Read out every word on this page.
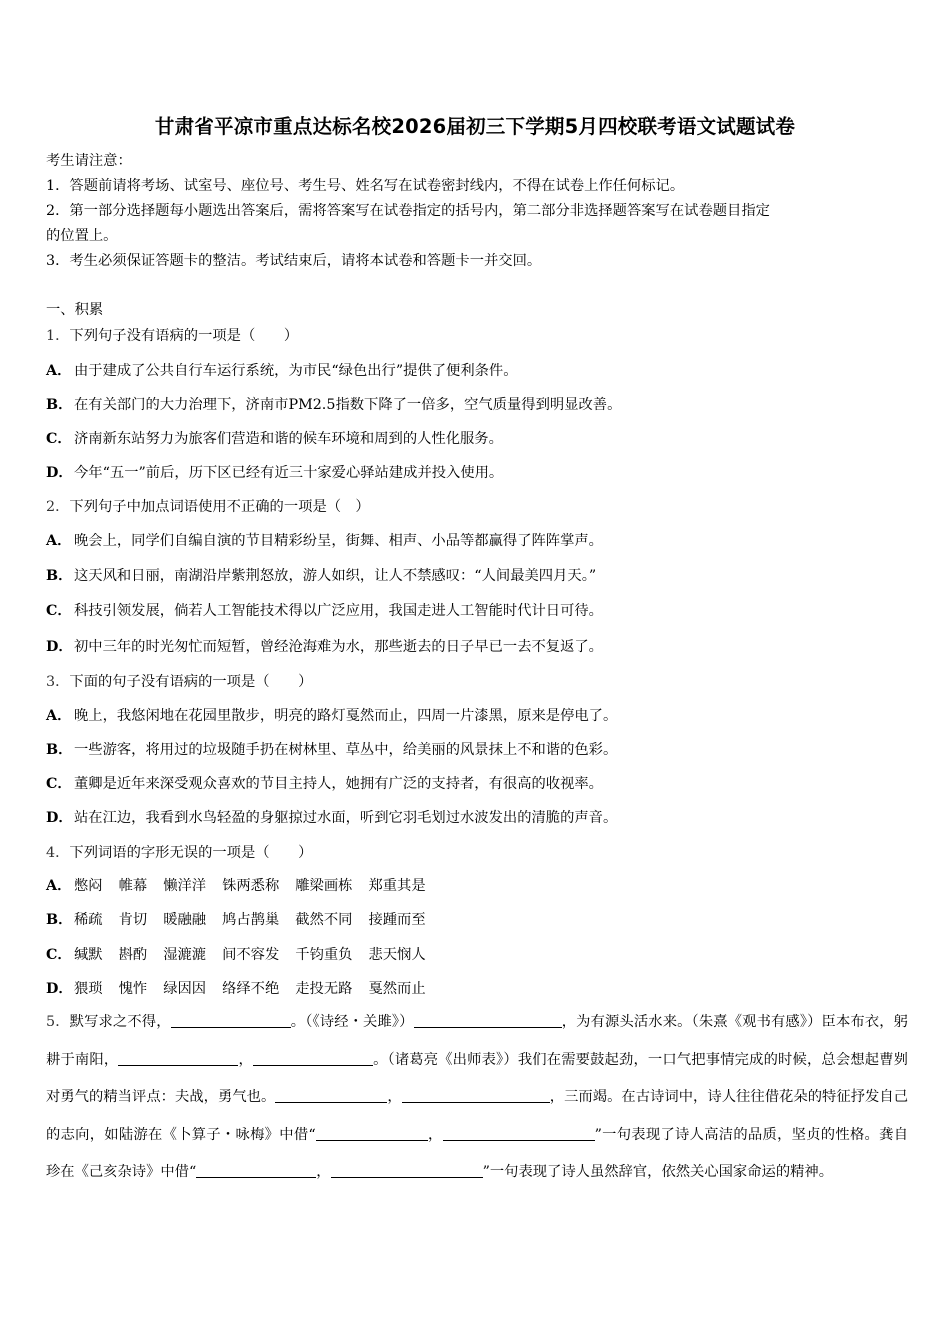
甘肃省平凉市重点达标名校2026届初三下学期5月四校联考语文试题试卷
考生请注意：
1．答题前请将考场、试室号、座位号、考生号、姓名写在试卷密封线内，不得在试卷上作任何标记。
2．第一部分选择题每小题选出答案后，需将答案写在试卷指定的括号内，第二部分非选择题答案写在试卷题目指定
的位置上。
3．考生必须保证答题卡的整洁。考试结束后，请将本试卷和答题卡一并交回。
一、积累
1．下列句子没有语病的一项是（　　）
A． 由于建成了公共自行车运行系统，为市民“绿色出行”提供了便利条件。
B． 在有关部门的大力治理下，济南市PM2.5指数下降了一倍多，空气质量得到明显改善。
C． 济南新东站努力为旅客们营造和谐的候车环境和周到的人性化服务。
D．今年“五一”前后，历下区已经有近三十家爱心驿站建成并投入使用。
2．下列句子中加点词语使用不正确的一项是（　）
A． 晚会上，同学们自编自演的节目精彩纷呈，街舞、相声、小品等都赢得了阵阵掌声。
B． 这天风和日丽，南湖沿岸紫荆怒放，游人如织，让人不禁感叹：“人间最美四月天。”
C． 科技引领发展，倘若人工智能技术得以广泛应用，我国走进人工智能时代计日可待。
D．初中三年的时光匆忙而短暂，曾经沧海难为水，那些逝去的日子早已一去不复返了。
3．下面的句子没有语病的一项是（　　）
A． 晚上，我悠闲地在花园里散步，明亮的路灯戛然而止，四周一片漆黑，原来是停电了。
B． 一些游客，将用过的垃圾随手扔在树林里、草丛中，给美丽的风景抹上不和谐的色彩。
C． 董卿是近年来深受观众喜欢的节目主持人，她拥有广泛的支持者，有很高的收视率。
D．站在江边，我看到水鸟轻盈的身躯掠过水面，听到它羽毛划过水波发出的清脆的声音。
4．下列词语的字形无误的一项是（　　）
A． 憋闷 帷幕 懒洋洋 铢两悉称 雕梁画栋 郑重其是
B． 稀疏 肯切 暖融融 鸠占鹊巢 截然不同 接踵而至
C． 缄默 斟酌 湿漉漉 间不容发 千钧重负 悲天悯人
D．猥琐 愧怍 绿因因 络绎不绝 走投无路 戛然而止
5．默写求之不得，	。（《诗经・关雎》）	，为有源头活水来。（朱熹《观书有感》）臣本布衣，躬耕于南阳，	，	。（诸葛亮《出师表》）我们在需要鼓起劲，一口气把事情完成的时候，总会想起曹刿对勇气的精当评点：夫战，勇气也。	，	，三而竭。在古诗词中，诗人往往借花朵的特征抒发自己的志向，如陆游在《卜算子・咏梅》中借“	，	”一句表现了诗人高洁的品质，坚贞的性格。龚自珍在《己亥杂诗》中借“	，	”一句表现了诗人虽然辞官，依然关心国家命运的精神。
